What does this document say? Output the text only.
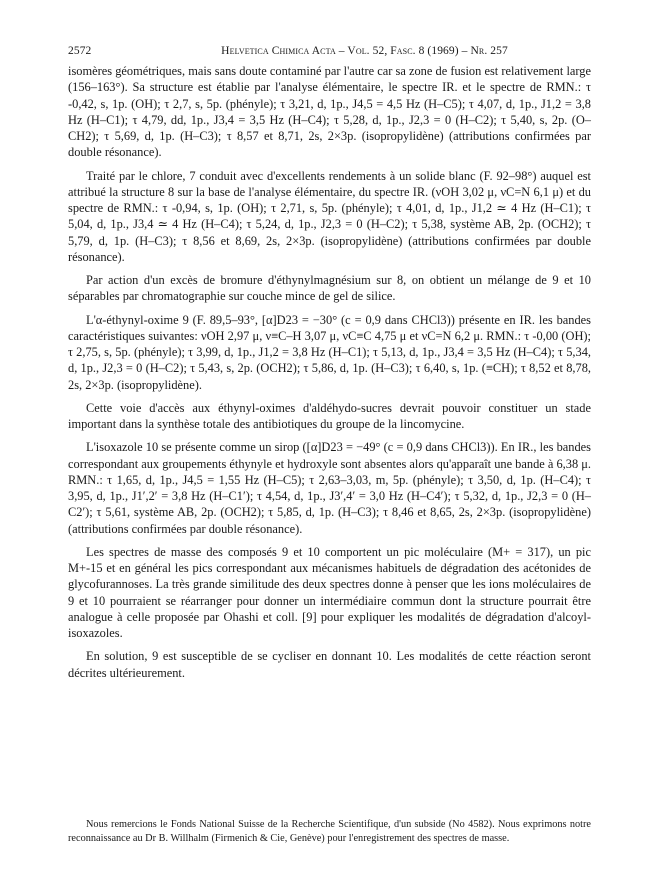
2572	Helvetica Chimica Acta – Vol. 52, Fasc. 8 (1969) – Nr. 257

isomères géométriques, mais sans doute contaminé par l'autre car sa zone de fusion est relativement large (156–163°). Sa structure est établie par l'analyse élémentaire, le spectre IR. et le spectre de RMN.: τ -0,42, s, 1p. (OH); τ 2,7, s, 5p. (phényle); τ 3,21, d, 1p., J4,5 = 4,5 Hz (H–C5); τ 4,07, d, 1p., J1,2 = 3,8 Hz (H–C1); τ 4,79, dd, 1p., J3,4 = 3,5 Hz (H–C4); τ 5,28, d, 1p., J2,3 = 0 (H–C2); τ 5,40, s, 2p. (O–CH2); τ 5,69, d, 1p. (H–C3); τ 8,57 et 8,71, 2s, 2×3p. (isopropylidène) (attributions confirmées par double résonance).

Traité par le chlore, 7 conduit avec d'excellents rendements à un solide blanc (F. 92–98°) auquel est attribué la structure 8 sur la base de l'analyse élémentaire, du spectre IR. (νOH 3,02 μ, νC=N 6,1 μ) et du spectre de RMN.: τ -0,94, s, 1p. (OH); τ 2,71, s, 5p. (phényle); τ 4,01, d, 1p., J1,2 ≃ 4 Hz (H–C1); τ 5,04, d, 1p., J3,4 ≃ 4 Hz (H–C4); τ 5,24, d, 1p., J2,3 = 0 (H–C2); τ 5,38, système AB, 2p. (OCH2); τ 5,79, d, 1p. (H–C3); τ 8,56 et 8,69, 2s, 2×3p. (isopropylidène) (attributions confirmées par double résonance).

Par action d'un excès de bromure d'éthynylmagnésium sur 8, on obtient un mélange de 9 et 10 séparables par chromatographie sur couche mince de gel de silice.

L'α-éthynyl-oxime 9 (F. 89,5–93°, [α]D23 = −30° (c = 0,9 dans CHCl3)) présente en IR. les bandes caractéristiques suivantes: νOH 2,97 μ, ν≡C–H 3,07 μ, νC≡C 4,75 μ et νC=N 6,2 μ. RMN.: τ -0,00 (OH); τ 2,75, s, 5p. (phényle); τ 3,99, d, 1p., J1,2 = 3,8 Hz (H–C1); τ 5,13, d, 1p., J3,4 = 3,5 Hz (H–C4); τ 5,34, d, 1p., J2,3 = 0 (H–C2); τ 5,43, s, 2p. (OCH2); τ 5,86, d, 1p. (H–C3); τ 6,40, s, 1p. (≡CH); τ 8,52 et 8,78, 2s, 2×3p. (isopropylidène).

Cette voie d'accès aux éthynyl-oximes d'aldéhydo-sucres devrait pouvoir constituer un stade important dans la synthèse totale des antibiotiques du groupe de la lincomycine.

L'isoxazole 10 se présente comme un sirop ([α]D23 = −49° (c = 0,9 dans CHCl3)). En IR., les bandes correspondant aux groupements éthynyle et hydroxyle sont absentes alors qu'apparaît une bande à 6,38 μ. RMN.: τ 1,65, d, 1p., J4,5 = 1,55 Hz (H–C5); τ 2,63–3,03, m, 5p. (phényle); τ 3,50, d, 1p. (H–C4); τ 3,95, d, 1p., J1′,2′ = 3,8 Hz (H–C1′); τ 4,54, d, 1p., J3′,4′ = 3,0 Hz (H–C4′); τ 5,32, d, 1p., J2,3 = 0 (H–C2′); τ 5,61, système AB, 2p. (OCH2); τ 5,85, d, 1p. (H–C3); τ 8,46 et 8,65, 2s, 2×3p. (isopropylidène) (attributions confirmées par double résonance).

Les spectres de masse des composés 9 et 10 comportent un pic moléculaire (M+ = 317), un pic M+-15 et en général les pics correspondant aux mécanismes habituels de dégradation des acétonides de glycofurannoses. La très grande similitude des deux spectres donne à penser que les ions moléculaires de 9 et 10 pourraient se réarranger pour donner un intermédiaire commun dont la structure pourrait être analogue à celle proposée par Ohashi et coll. [9] pour expliquer les modalités de dégradation d'alcoyl-isoxazoles.

En solution, 9 est susceptible de se cycliser en donnant 10. Les modalités de cette réaction seront décrites ultérieurement.

Nous remercions le Fonds National Suisse de la Recherche Scientifique, d'un subside (No 4582). Nous exprimons notre reconnaissance au Dr B. Willhalm (Firmenich & Cie, Genève) pour l'enregistrement des spectres de masse.
